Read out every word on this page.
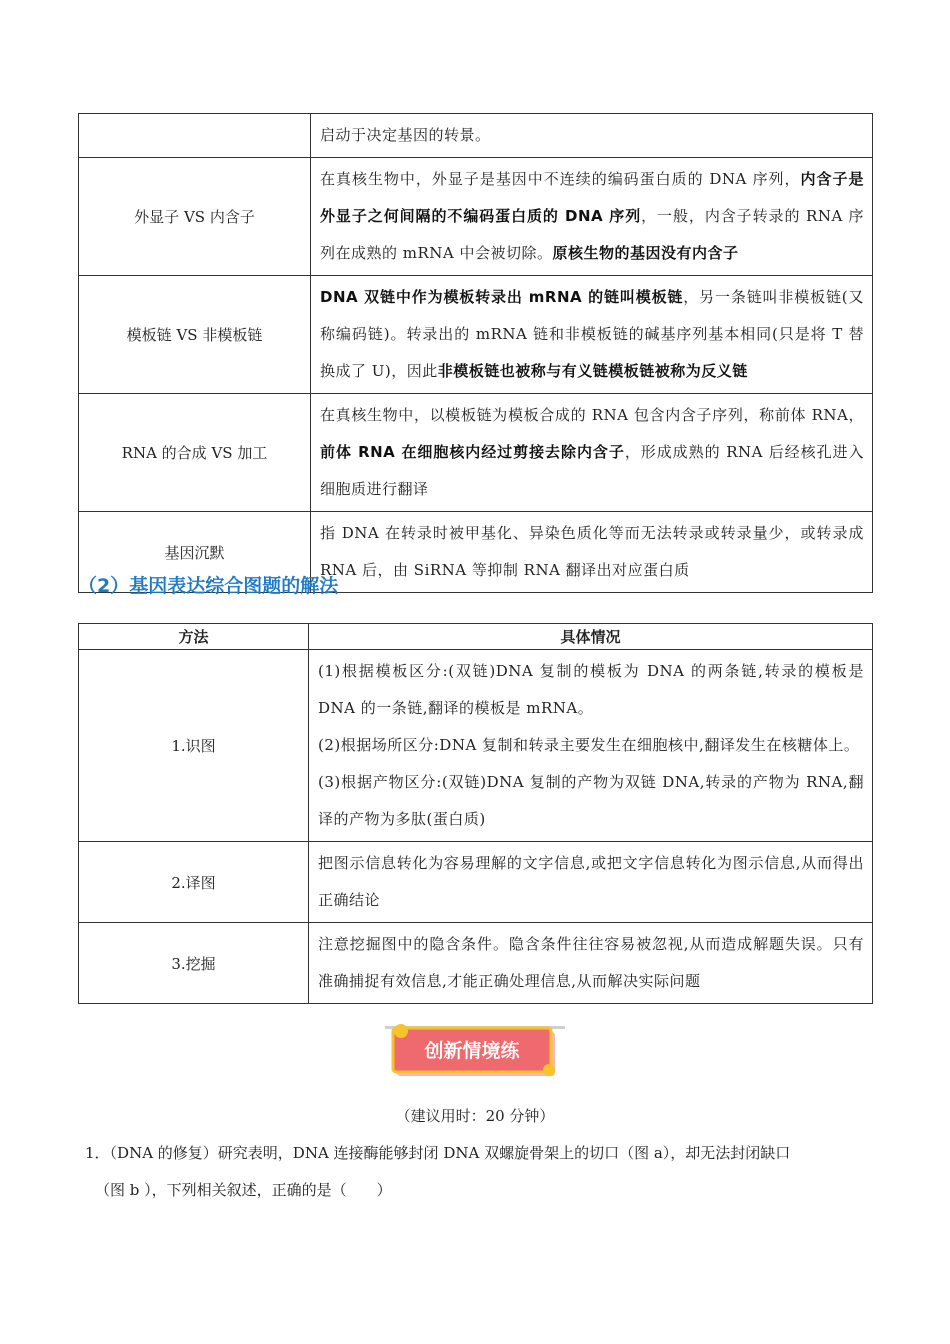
	启动于决定基因的转景。
外显子 VS 内含子	在真核生物中，外显子是基因中不连续的编码蛋白质的 DNA 序列，内含子是外显子之何间隔的不编码蛋白质的 DNA 序列，一般，内含子转录的 RNA 序列在成熟的 mRNA 中会被切除。原核生物的基因没有内含子
模板链 VS 非模板链	DNA 双链中作为模板转录出 mRNA 的链叫模板链，另一条链叫非模板链(又称编码链)。转录出的 mRNA 链和非模板链的碱基序列基本相同(只是将 T 替换成了 U)，因此非模板链也被称与有义链模板链被称为反义链
RNA 的合成 VS 加工	在真核生物中，以模板链为模板合成的 RNA 包含内含子序列，称前体 RNA，前体 RNA 在细胞核内经过剪接去除内含子，形成成熟的 RNA 后经核孔进入细胞质进行翻译
基因沉默	指 DNA 在转录时被甲基化、异染色质化等而无法转录或转录量少，或转录成 RNA 后，由 SiRNA 等抑制 RNA 翻译出对应蛋白质
（2）基因表达综合图题的解法
方法	具体情况
1.识图	(1)根据模板区分:(双链)DNA 复制的模板为 DNA 的两条链,转录的模板是 DNA 的一条链,翻译的模板是 mRNA。

(2)根据场所区分:DNA 复制和转录主要发生在细胞核中,翻译发生在核糖体上。

(3)根据产物区分:(双链)DNA 复制的产物为双链 DNA,转录的产物为 RNA,翻译的产物为多肽(蛋白质)

2.译图	把图示信息转化为容易理解的文字信息,或把文字信息转化为图示信息,从而得出正确结论

3.挖掘	注意挖掘图中的隐含条件。隐含条件往往容易被忽视,从而造成解题失误。只有准确捕捉有效信息,才能正确处理信息,从而解决实际问题

创新情境练
（建议用时：20 分钟）

1．（DNA 的修复）研究表明，DNA 连接酶能够封闭 DNA 双螺旋骨架上的切口（图 a），却无法封闭缺口

（图 b ），下列相关叙述，正确的是（　　）
